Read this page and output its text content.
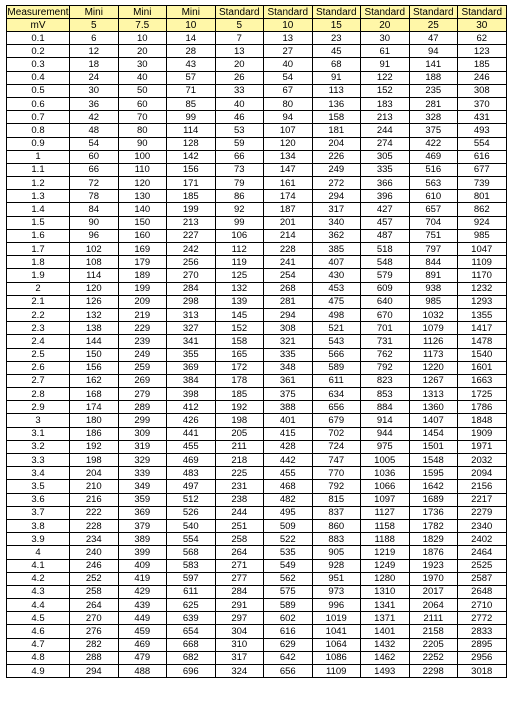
Measurement	Mini	Mini	Mini	Standard	Standard	Standard	Standard	Standard	Standard
mV	5	7.5	10	5	10	15	20	25	30
0.1	6	10	14	7	13	23	30	47	62
0.2	12	20	28	13	27	45	61	94	123
0.3	18	30	43	20	40	68	91	141	185
0.4	24	40	57	26	54	91	122	188	246
0.5	30	50	71	33	67	113	152	235	308
0.6	36	60	85	40	80	136	183	281	370
0.7	42	70	99	46	94	158	213	328	431
0.8	48	80	114	53	107	181	244	375	493
0.9	54	90	128	59	120	204	274	422	554
1	60	100	142	66	134	226	305	469	616
1.1	66	110	156	73	147	249	335	516	677
1.2	72	120	171	79	161	272	366	563	739
1.3	78	130	185	86	174	294	396	610	801
1.4	84	140	199	92	187	317	427	657	862
1.5	90	150	213	99	201	340	457	704	924
1.6	96	160	227	106	214	362	487	751	985
1.7	102	169	242	112	228	385	518	797	1047
1.8	108	179	256	119	241	407	548	844	1109
1.9	114	189	270	125	254	430	579	891	1170
2	120	199	284	132	268	453	609	938	1232
2.1	126	209	298	139	281	475	640	985	1293
2.2	132	219	313	145	294	498	670	1032	1355
2.3	138	229	327	152	308	521	701	1079	1417
2.4	144	239	341	158	321	543	731	1126	1478
2.5	150	249	355	165	335	566	762	1173	1540
2.6	156	259	369	172	348	589	792	1220	1601
2.7	162	269	384	178	361	611	823	1267	1663
2.8	168	279	398	185	375	634	853	1313	1725
2.9	174	289	412	192	388	656	884	1360	1786
3	180	299	426	198	401	679	914	1407	1848
3.1	186	309	441	205	415	702	944	1454	1909
3.2	192	319	455	211	428	724	975	1501	1971
3.3	198	329	469	218	442	747	1005	1548	2032
3.4	204	339	483	225	455	770	1036	1595	2094
3.5	210	349	497	231	468	792	1066	1642	2156
3.6	216	359	512	238	482	815	1097	1689	2217
3.7	222	369	526	244	495	837	1127	1736	2279
3.8	228	379	540	251	509	860	1158	1782	2340
3.9	234	389	554	258	522	883	1188	1829	2402
4	240	399	568	264	535	905	1219	1876	2464
4.1	246	409	583	271	549	928	1249	1923	2525
4.2	252	419	597	277	562	951	1280	1970	2587
4.3	258	429	611	284	575	973	1310	2017	2648
4.4	264	439	625	291	589	996	1341	2064	2710
4.5	270	449	639	297	602	1019	1371	2111	2772
4.6	276	459	654	304	616	1041	1401	2158	2833
4.7	282	469	668	310	629	1064	1432	2205	2895
4.8	288	479	682	317	642	1086	1462	2252	2956
4.9	294	488	696	324	656	1109	1493	2298	3018
